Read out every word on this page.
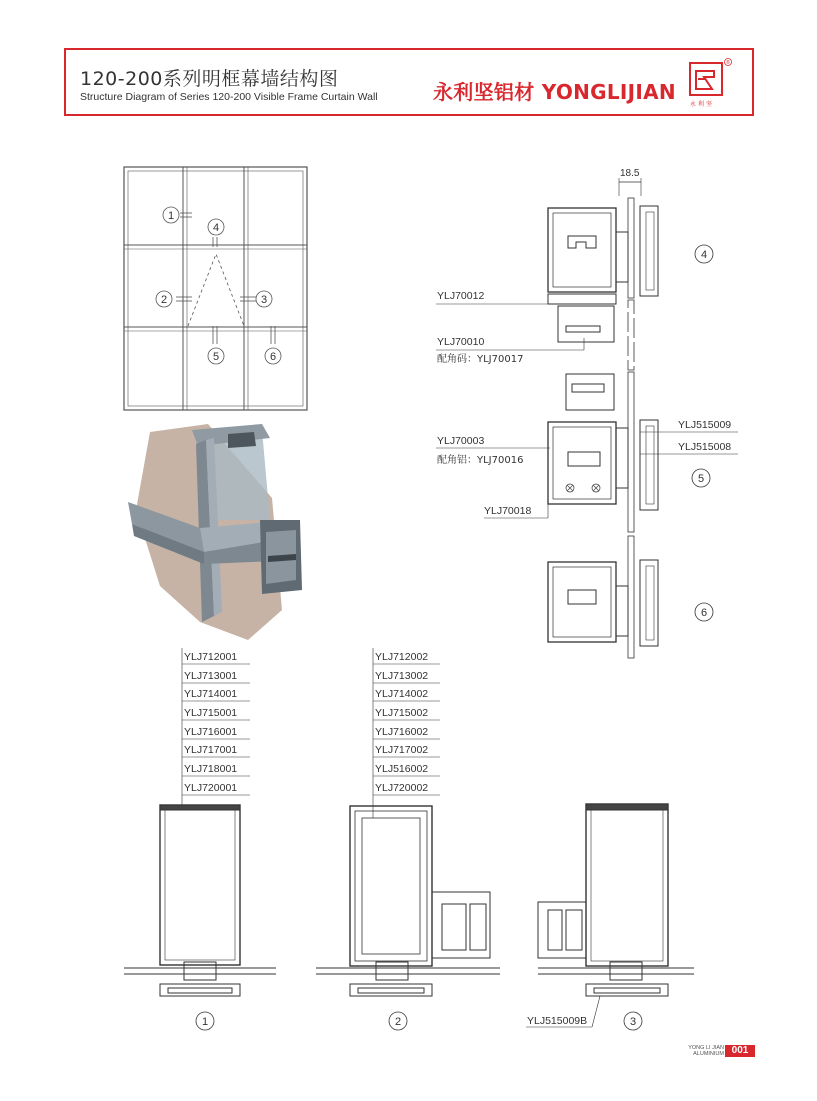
120-200系列明框幕墙结构图
Structure Diagram of Series 120-200 Visible Frame Curtain Wall	永利坚铝材 YONGLIJIAN
®
永利坚
1
4
2	3
5	6
18.5
4
5
6
YLJ70012
YLJ70010
配角码：YLJ70017
YLJ70003
配角铝：YLJ70016
YLJ70018
YLJ515009
YLJ515008
YLJ712001
YLJ713001
YLJ714001
YLJ715001
YLJ716001
YLJ717001
YLJ718001
YLJ720001
YLJ712002
YLJ713002
YLJ714002
YLJ715002
YLJ716002
YLJ717002
YLJ516002
YLJ720002
1	2	3
YLJ515009B
YONG LI JIAN
ALUMINIUM 001
